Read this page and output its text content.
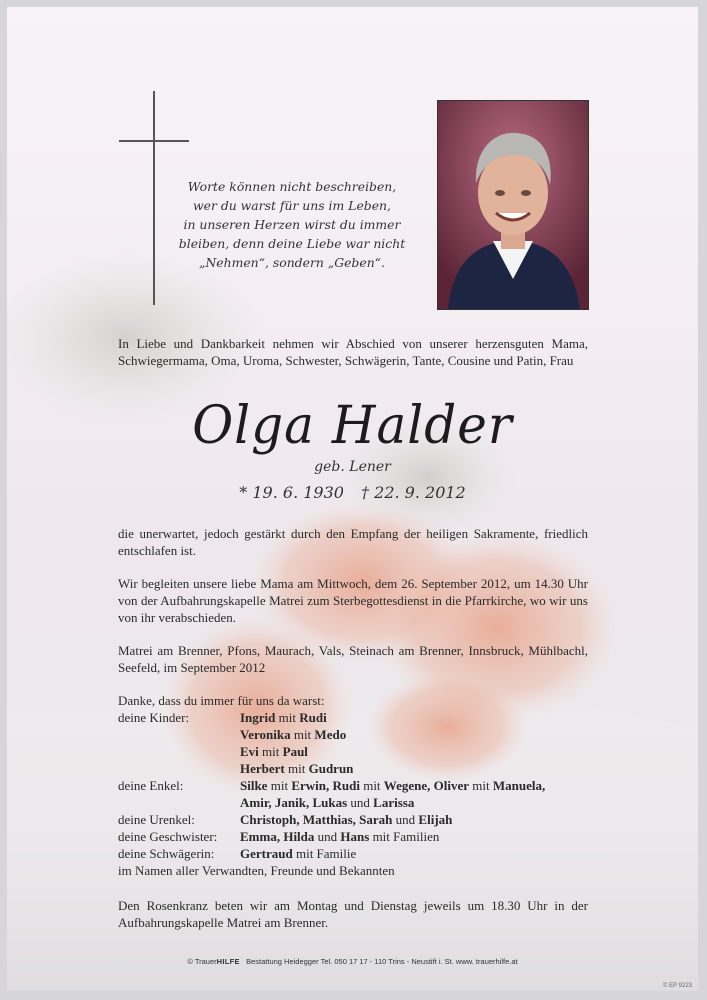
Worte können nicht beschreiben,
wer du warst für uns im Leben,
in unseren Herzen wirst du immer
bleiben, denn deine Liebe war nicht
„Nehmen“, sondern „Geben“.
In Liebe und Dankbarkeit nehmen wir Abschied von unserer herzensguten Mama, Schwiegermama, Oma, Uroma, Schwester, Schwägerin, Tante, Cousine und Patin, Frau
Olga Halder
geb. Lener
* 19. 6. 1930 † 22. 9. 2012
die unerwartet, jedoch gestärkt durch den Empfang der heiligen Sakramente, friedlich entschlafen ist.
Wir begleiten unsere liebe Mama am Mittwoch, dem 26. September 2012, um 14.30 Uhr von der Aufbahrungskapelle Matrei zum Sterbegottesdienst in die Pfarrkirche, wo wir uns von ihr verabschieden.
Matrei am Brenner, Pfons, Maurach, Vals, Steinach am Brenner, Innsbruck, Mühlbachl, Seefeld, im September 2012
Danke, dass du immer für uns da warst:
deine Kinder:	Ingrid mit Rudi
Veronika mit Medo
Evi mit Paul
Herbert mit Gudrun
deine Enkel:	Silke mit Erwin, Rudi mit Wegene, Oliver mit Manuela,
Amir, Janik, Lukas und Larissa
deine Urenkel:	Christoph, Matthias, Sarah und Elijah
deine Geschwister:	Emma, Hilda und Hans mit Familien
deine Schwägerin:	Gertraud mit Familie
im Namen aller Verwandten, Freunde und Bekannten
Den Rosenkranz beten wir am Montag und Dienstag jeweils um 18.30 Uhr in der Aufbahrungskapelle Matrei am Brenner.
© TrauerHILFE Bestattung Heidegger Tel. 050 17 17 - 110 Trins - Neustift i. St. www. trauerhilfe.at
© EP 9223
